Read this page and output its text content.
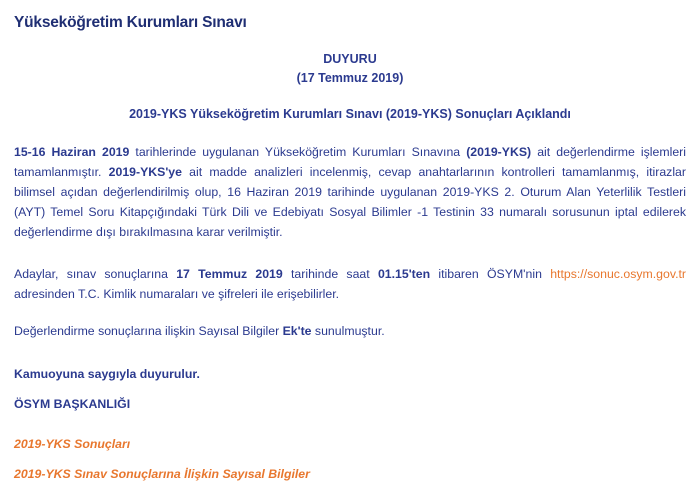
Yükseköğretim Kurumları Sınavı
DUYURU
(17 Temmuz 2019)
2019-YKS Yükseköğretim Kurumları Sınavı (2019-YKS) Sonuçları Açıklandı
15-16 Haziran 2019 tarihlerinde uygulanan Yükseköğretim Kurumları Sınavına (2019-YKS) ait değerlendirme işlemleri tamamlanmıştır. 2019-YKS'ye ait madde analizleri incelenmiş, cevap anahtarlarının kontrolleri tamamlanmış, itirazlar bilimsel açıdan değerlendirilmiş olup, 16 Haziran 2019 tarihinde uygulanan 2019-YKS 2. Oturum Alan Yeterlilik Testleri (AYT) Temel Soru Kitapçığındaki Türk Dili ve Edebiyatı Sosyal Bilimler -1 Testinin 33 numaralı sorusunun iptal edilerek değerlendirme dışı bırakılmasına karar verilmiştir.
Adaylar, sınav sonuçlarına 17 Temmuz 2019 tarihinde saat 01.15'ten itibaren ÖSYM'nin https://sonuc.osym.gov.tr adresinden T.C. Kimlik numaraları ve şifreleri ile erişebilirler.
Değerlendirme sonuçlarına ilişkin Sayısal Bilgiler Ek'te sunulmuştur.
Kamuoyuna saygıyla duyurulur.
ÖSYM BAŞKANLIĞI
2019-YKS Sonuçları
2019-YKS Sınav Sonuçlarına İlişkin Sayısal Bilgiler
